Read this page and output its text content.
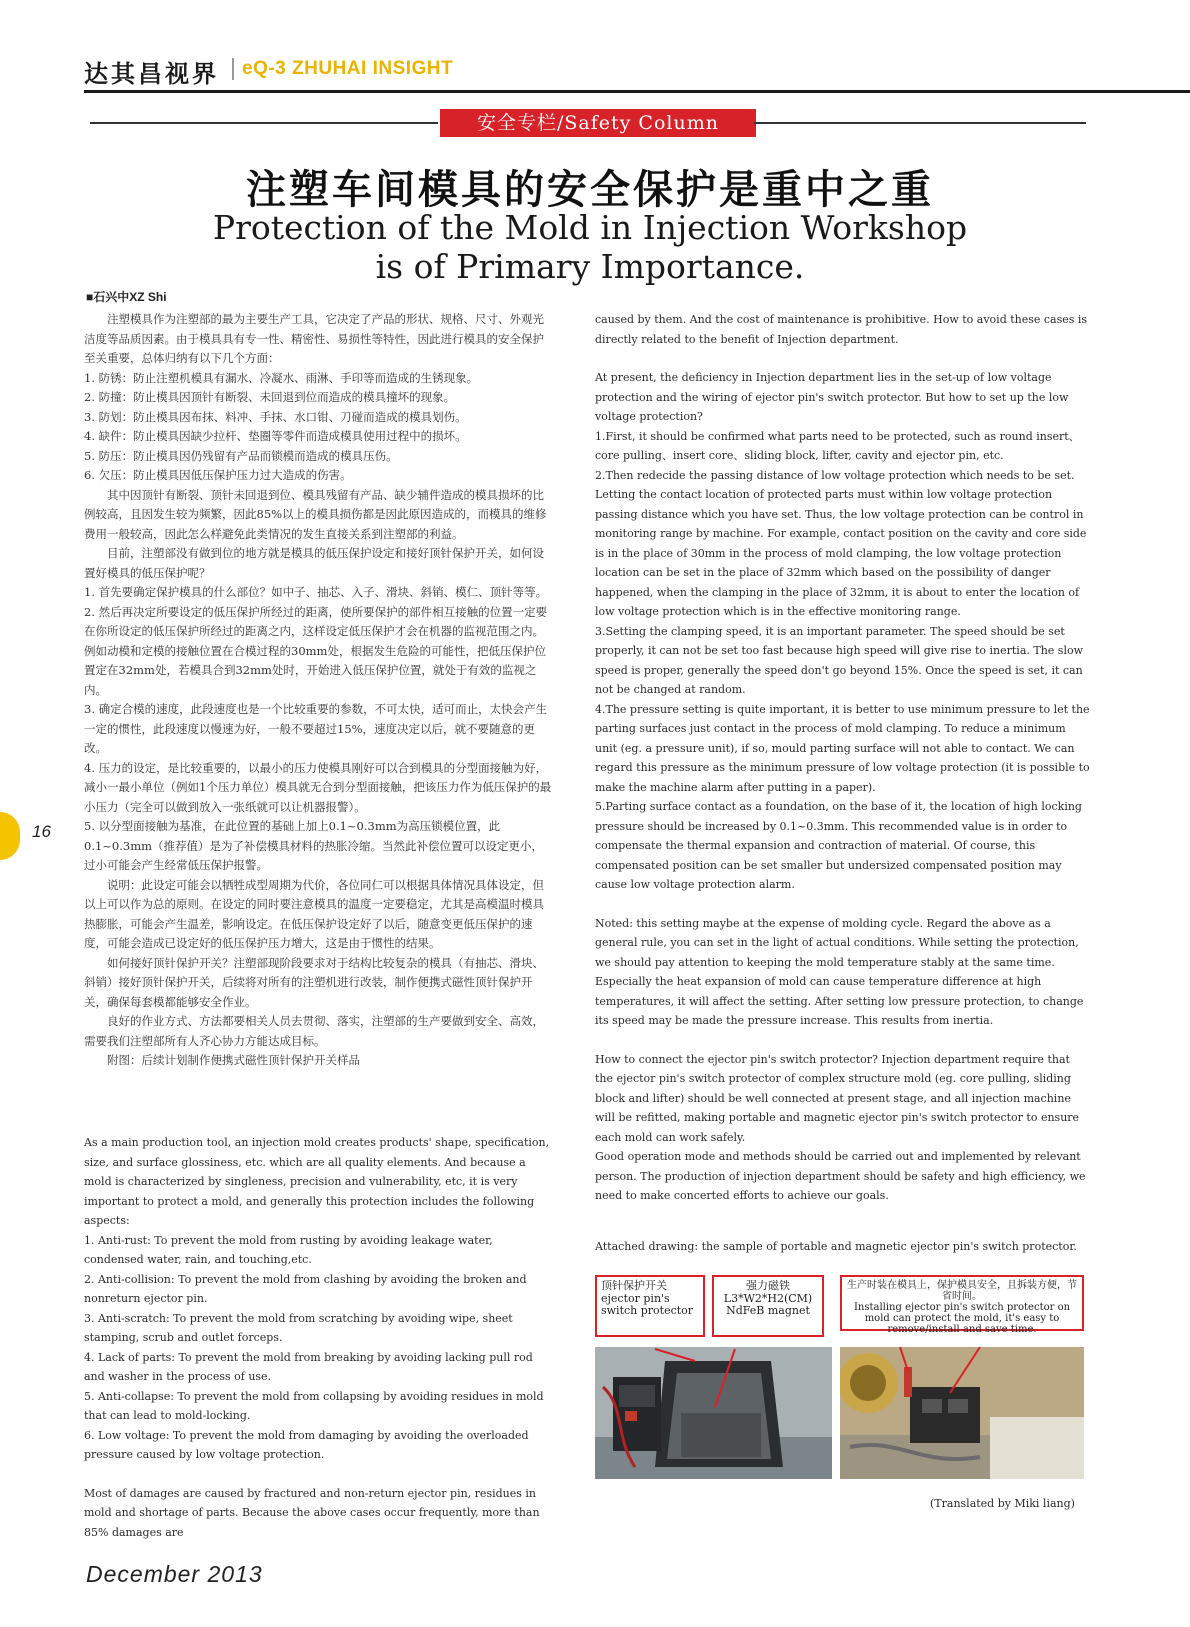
达其昌视界 eQ-3 ZHUHAI INSIGHT
安全专栏/Safety Column
注塑车间模具的安全保护是重中之重
Protection of the Mold in Injection Workshop
is of Primary Importance.
■石兴中XZ Shi

注塑模具作为注塑部的最为主要生产工具，它决定了产品的形状、规格、尺寸、外观光洁度等品质因素。由于模具具有专一性、精密性、易损性等特性，因此进行模具的安全保护至关重要，总体归纳有以下几个方面：

1. 防锈：防止注塑机模具有漏水、冷凝水、雨淋、手印等而造成的生锈现象。

2. 防撞：防止模具因顶针有断裂、未回退到位而造成的模具撞坏的现象。

3. 防划：防止模具因布抹、料冲、手抹、水口钳、刀碰而造成的模具划伤。

4. 缺件：防止模具因缺少拉杆、垫圈等零件而造成模具使用过程中的损坏。

5. 防压：防止模具因仍残留有产品而锁模而造成的模具压伤。

6. 欠压：防止模具因低压保护压力过大造成的伤害。

其中因顶针有断裂、顶针未回退到位、模具残留有产品、缺少辅件造成的模具损坏的比例较高，且因发生较为频繁，因此85%以上的模具损伤都是因此原因造成的，而模具的维修费用一般较高，因此怎么样避免此类情况的发生直接关系到注塑部的利益。

目前，注塑部没有做到位的地方就是模具的低压保护设定和接好顶针保护开关，如何设置好模具的低压保护呢？

1. 首先要确定保护模具的什么部位？如中子、抽芯、入子、滑块、斜销、模仁、顶针等等。

2. 然后再决定所要设定的低压保护所经过的距离，使所要保护的部件相互接触的位置一定要在你所设定的低压保护所经过的距离之内，这样设定低压保护才会在机器的监视范围之内。例如动模和定模的接触位置在合模过程的30mm处，根据发生危险的可能性，把低压保护位置定在32mm处，若模具合到32mm处时，开始进入低压保护位置，就处于有效的监视之内。

3. 确定合模的速度，此段速度也是一个比较重要的参数，不可太快，适可而止，太快会产生一定的惯性，此段速度以慢速为好，一般不要超过15%，速度决定以后，就不要随意的更改。

4. 压力的设定，是比较重要的，以最小的压力使模具刚好可以合到模具的分型面接触为好，减小一最小单位（例如1个压力单位）模具就无合到分型面接触，把该压力作为低压保护的最小压力（完全可以做到放入一张纸就可以让机器报警）。

5. 以分型面接触为基准，在此位置的基础上加上0.1~0.3mm为高压锁模位置，此0.1~0.3mm（推荐值）是为了补偿模具材料的热胀冷缩。当然此补偿位置可以设定更小，过小可能会产生经常低压保护报警。

说明：此设定可能会以牺牲成型周期为代价，各位同仁可以根据具体情况具体设定，但以上可以作为总的原则。在设定的同时要注意模具的温度一定要稳定，尤其是高模温时模具热膨胀，可能会产生温差，影响设定。在低压保护设定好了以后，随意变更低压保护的速度，可能会造成已设定好的低压保护压力增大，这是由于惯性的结果。

如何接好顶针保护开关？注塑部现阶段要求对于结构比较复杂的模具（有抽芯、滑块、斜销）接好顶针保护开关，后续将对所有的注塑机进行改装，制作便携式磁性顶针保护开关，确保每套模都能够安全作业。

良好的作业方式、方法都要相关人员去贯彻、落实，注塑部的生产要做到安全、高效，需要我们注塑部所有人齐心协力方能达成目标。

附图：后续计划制作便携式磁性顶针保护开关样品

As a main production tool, an injection mold creates products' shape, specification, size, and surface glossiness, etc. which are all quality elements. And because a mold is characterized by singleness, precision and vulnerability, etc, it is very important to protect a mold, and generally this protection includes the following aspects:

1. Anti-rust: To prevent the mold from rusting by avoiding leakage water, condensed water, rain, and touching,etc.

2. Anti-collision: To prevent the mold from clashing by avoiding the broken and nonreturn ejector pin.

3. Anti-scratch: To prevent the mold from scratching by avoiding wipe, sheet stamping, scrub and outlet forceps.

4. Lack of parts: To prevent the mold from breaking by avoiding lacking pull rod and washer in the process of use.

5. Anti-collapse: To prevent the mold from collapsing by avoiding residues in mold that can lead to mold-locking.

6. Low voltage: To prevent the mold from damaging by avoiding the overloaded pressure caused by low voltage protection.

Most of damages are caused by fractured and non-return ejector pin, residues in mold and shortage of parts. Because the above cases occur frequently, more than 85% damages are

caused by them. And the cost of maintenance is prohibitive. How to avoid these cases is directly related to the benefit of Injection department.

At present, the deficiency in Injection department lies in the set-up of low voltage protection and the wiring of ejector pin's switch protector. But how to set up the low voltage protection?

1.First, it should be confirmed what parts need to be protected, such as round insert、core pulling、insert core、sliding block, lifter, cavity and ejector pin, etc.

2.Then redecide the passing distance of low voltage protection which needs to be set. Letting the contact location of protected parts must within low voltage protection passing distance which you have set. Thus, the low voltage protection can be control in monitoring range by machine. For example, contact position on the cavity and core side is in the place of 30mm in the process of mold clamping, the low voltage protection location can be set in the place of 32mm which based on the possibility of danger happened, when the clamping in the place of 32mm, it is about to enter the location of low voltage protection which is in the effective monitoring range.

3.Setting the clamping speed, it is an important parameter. The speed should be set properly, it can not be set too fast because high speed will give rise to inertia. The slow speed is proper, generally the speed don't go beyond 15%. Once the speed is set, it can not be changed at random.

4.The pressure setting is quite important, it is better to use minimum pressure to let the parting surfaces just contact in the process of mold clamping. To reduce a minimum unit (eg. a pressure unit), if so, mould parting surface will not able to contact. We can regard this pressure as the minimum pressure of low voltage protection (it is possible to make the machine alarm after putting in a paper).

5.Parting surface contact as a foundation, on the base of it, the location of high locking pressure should be increased by 0.1~0.3mm. This recommended value is in order to compensate the thermal expansion and contraction of material. Of course, this compensated position can be set smaller but undersized compensated position may cause low voltage protection alarm.

Noted: this setting maybe at the expense of molding cycle. Regard the above as a general rule, you can set in the light of actual conditions. While setting the protection, we should pay attention to keeping the mold temperature stably at the same time. Especially the heat expansion of mold can cause temperature difference at high temperatures, it will affect the setting. After setting low pressure protection, to change its speed may be made the pressure increase. This results from inertia.

How to connect the ejector pin's switch protector? Injection department require that the ejector pin's switch protector of complex structure mold (eg. core pulling, sliding block and lifter) should be well connected at present stage, and all injection machine will be refitted, making portable and magnetic ejector pin's switch protector to ensure each mold can work safely.

Good operation mode and methods should be carried out and implemented by relevant person. The production of injection department should be safety and high efficiency, we need to make concerted efforts to achieve our goals.

Attached drawing: the sample of portable and magnetic ejector pin's switch protector.
顶针保护开关
ejector pin's switch protector
强力磁铁
L3*W2*H2(CM)
NdFeB magnet
生产时装在模具上，保护模具安全，且拆装方便，节省时间。
Installing ejector pin's switch protector on mold can protect the mold, it's easy to remove/install and save time.
(Translated by Miki liang)
16
December 2013
